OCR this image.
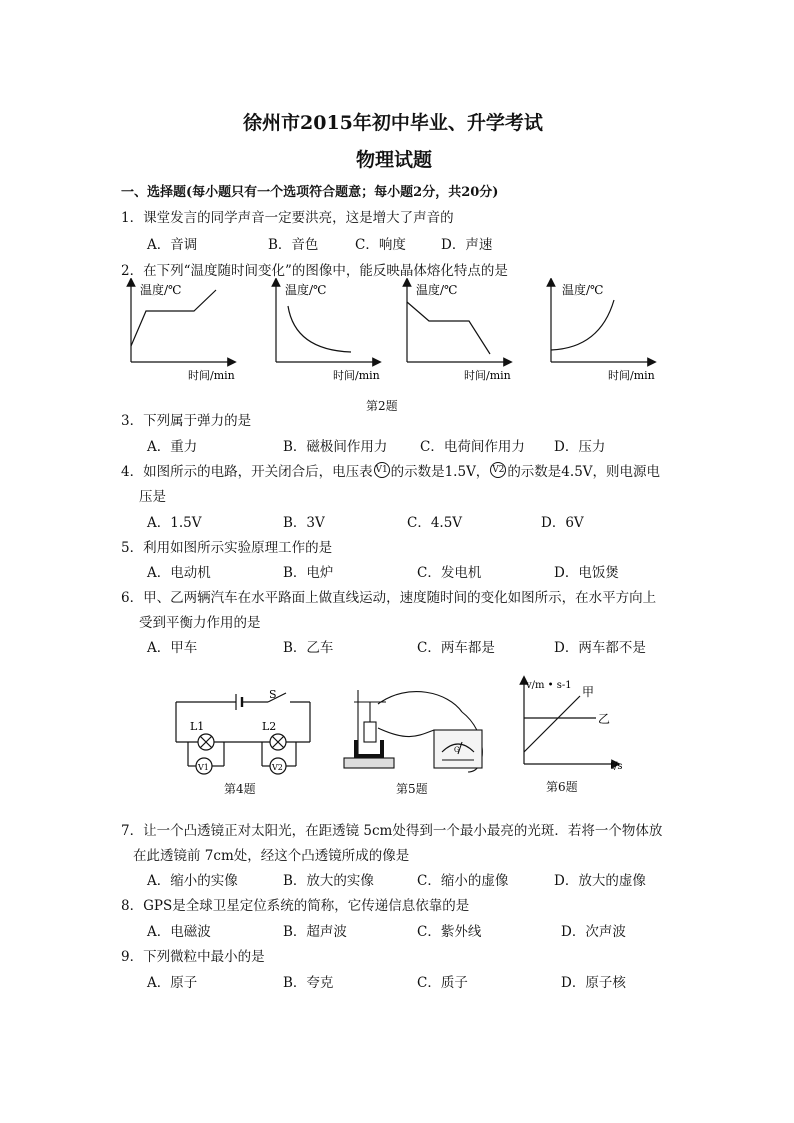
徐州市2015年初中毕业、升学考试
物理试题
一、选择题(每小题只有一个选项符合题意；每小题2分，共20分)
1．课堂发言的同学声音一定要洪亮，这是增大了声音的
A．音调	B．音色	C．响度	D．声速
2．在下列“温度随时间变化”的图像中，能反映晶体熔化特点的是
温度/℃
时间/min
温度/℃
时间/min
温度/℃
时间/min
温度/℃
时间/min
第2题
3．下列属于弹力的是
A．重力	B．磁极间作用力 C．电荷间作用力 D．压力
4．如图所示的电路，开关闭合后，电压表 V1 的示数是1.5V， V2 的示数是4.5V，则电源电
压是
A．1.5V	B．3V	C．4.5V	D．6V
5．利用如图所示实验原理工作的是
A．电动机	B．电炉	C．发电机	D．电饭煲
6．甲、乙两辆汽车在水平路面上做直线运动，速度随时间的变化如图所示，在水平方向上
受到平衡力作用的是
A．甲车	B．乙车	C．两车都是	D．两车都不是
S
L1	L2
V1	V2
第4题
G
第5题
v/m • s-1
t/s
甲
乙
第6题
7．让一个凸透镜正对太阳光，在距透镜 5cm处得到一个最小最亮的光斑．若将一个物体放
在此透镜前 7cm处，经这个凸透镜所成的像是
A．缩小的实像	B．放大的实像	C．缩小的虚像	D．放大的虚像
8．GPS是全球卫星定位系统的简称，它传递信息依靠的是
A．电磁波	B．超声波	C．紫外线	D．次声波
9．下列微粒中最小的是
A．原子	B．夸克	C．质子	D．原子核
